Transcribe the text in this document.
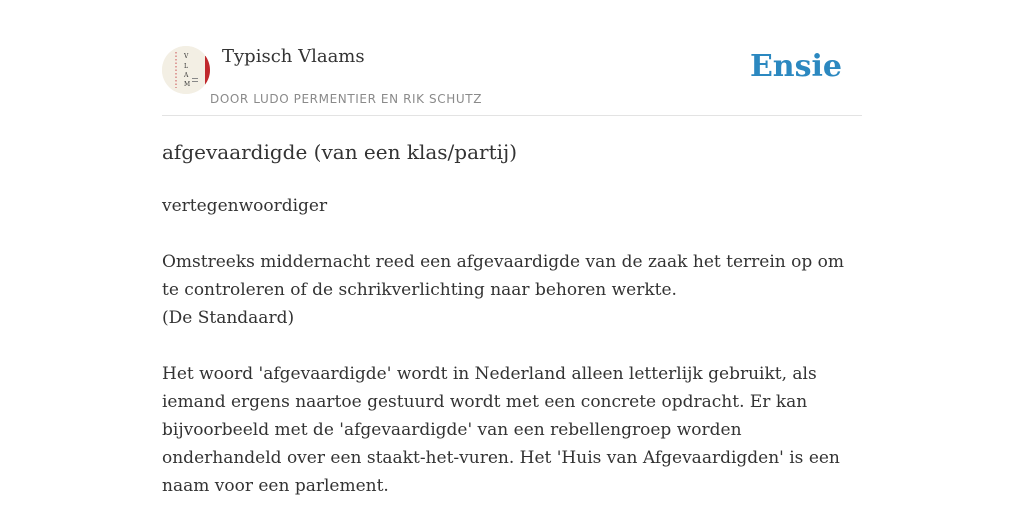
V
L
A
M
Typisch Vlaams
DOOR LUDO PERMENTIER EN RIK SCHUTZ
Ensie
afgevaardigde (van een klas/partij)

vertegenwoordiger

Omstreeks middernacht reed een afgevaardigde van de zaak het terrein op om te controleren of de schrikverlichting naar behoren werkte.
(De Standaard)

Het woord 'afgevaardigde' wordt in Nederland alleen letterlijk gebruikt, als iemand ergens naartoe gestuurd wordt met een concrete opdracht. Er kan bijvoorbeeld met de 'afgevaardigde' van een rebellengroep worden onderhandeld over een staakt-het-vuren. Het 'Huis van Afgevaardigden' is een naam voor een parlement.
